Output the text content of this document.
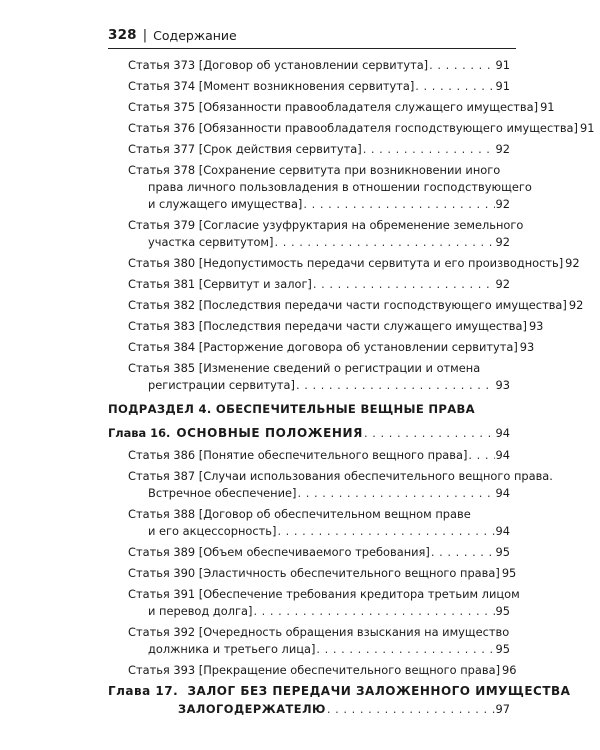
328 | Содержание
Статья 373 [Договор об установлении сервитута] . . .	91
Статья 374 [Момент возникновения сервитута] . . .	91
Статья 375 [Обязанности правообладателя служащего имущества] 91
Статья 376 [Обязанности правообладателя господствующего имущества] 91
Статья 377 [Срок действия сервитута] . . .	92
Статья 378 [Сохранение сервитута при возникновении иного
права личного пользовладения в отношении господствующего
и служащего имущества] . . .	92
Статья 379 [Согласие узуфруктария на обременение земельного
участка сервитутом] . . .	92
Статья 380 [Недопустимость передачи сервитута и его производность] 92
Статья 381 [Сервитут и залог] . . .	92
Статья 382 [Последствия передачи части господствующего имущества] 92
Статья 383 [Последствия передачи части служащего имущества] 93
Статья 384 [Расторжение договора об установлении сервитута] 93
Статья 385 [Изменение сведений о регистрации и отмена
регистрации сервитута] . . .	93
ПОДРАЗДЕЛ 4. ОБЕСПЕЧИТЕЛЬНЫЕ ВЕЩНЫЕ ПРАВА
Глава 16. ОСНОВНЫЕ ПОЛОЖЕНИЯ . . .	94
Статья 386 [Понятие обеспечительного вещного права] . . . 94
Статья 387 [Случаи использования обеспечительного вещного права.
Встречное обеспечение] . . .	94
Статья 388 [Договор об обеспечительном вещном праве
и его акцессорность] . . .	94
Статья 389 [Объем обеспечиваемого требования] . . .	95
Статья 390 [Эластичность обеспечительного вещного права] 95
Статья 391 [Обеспечение требования кредитора третьим лицом
и перевод долга] . . .	95
Статья 392 [Очередность обращения взыскания на имущество
должника и третьего лица] . . .	95
Статья 393 [Прекращение обеспечительного вещного права] 96
Глава 17. ЗАЛОГ БЕЗ ПЕРЕДАЧИ ЗАЛОЖЕННОГО ИМУЩЕСТВА
ЗАЛОГОДЕРЖАТЕЛЮ . . .	97
